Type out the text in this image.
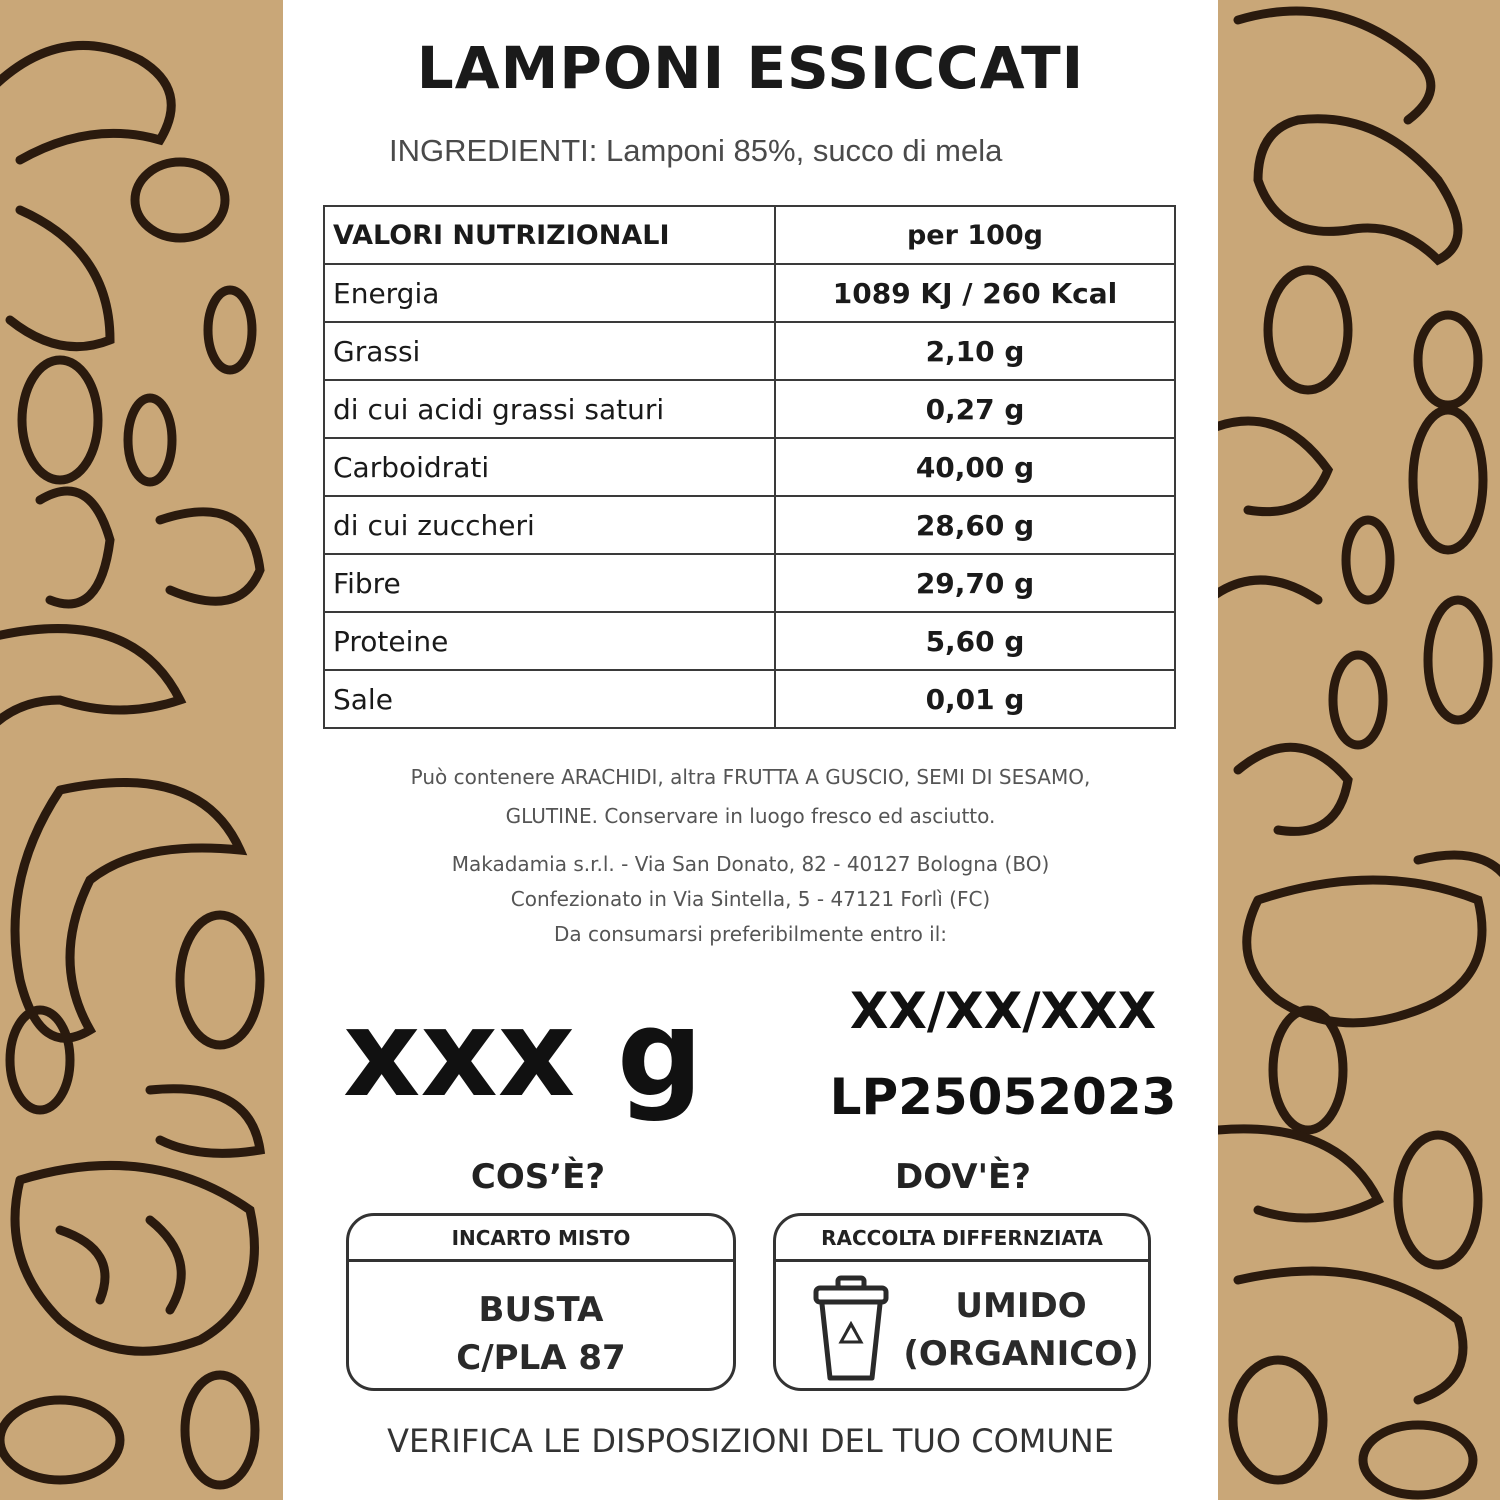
LAMPONI ESSICCATI
INGREDIENTI: Lamponi 85%, succo di mela
VALORI NUTRIZIONALI	per 100g
Energia	1089 KJ / 260 Kcal
Grassi	2,10 g
di cui acidi grassi saturi	0,27 g
Carboidrati	40,00 g
di cui zuccheri	28,60 g
Fibre	29,70 g
Proteine	5,60 g
Sale	0,01 g
Può contenere ARACHIDI, altra FRUTTA A GUSCIO, SEMI DI SESAMO,
GLUTINE. Conservare in luogo fresco ed asciutto.
Makadamia s.r.l. - Via San Donato, 82 - 40127 Bologna (BO)
Confezionato in Via Sintella, 5 - 47121 Forlì (FC)
Da consumarsi preferibilmente entro il:
xxx g	XX/XX/XXX
LP25052023
COS’È?	DOV'È?
INCARTO MISTO
BUSTA
C/PLA 87
RACCOLTA DIFFERNZIATA
UMIDO
(ORGANICO)
VERIFICA LE DISPOSIZIONI DEL TUO COMUNE
